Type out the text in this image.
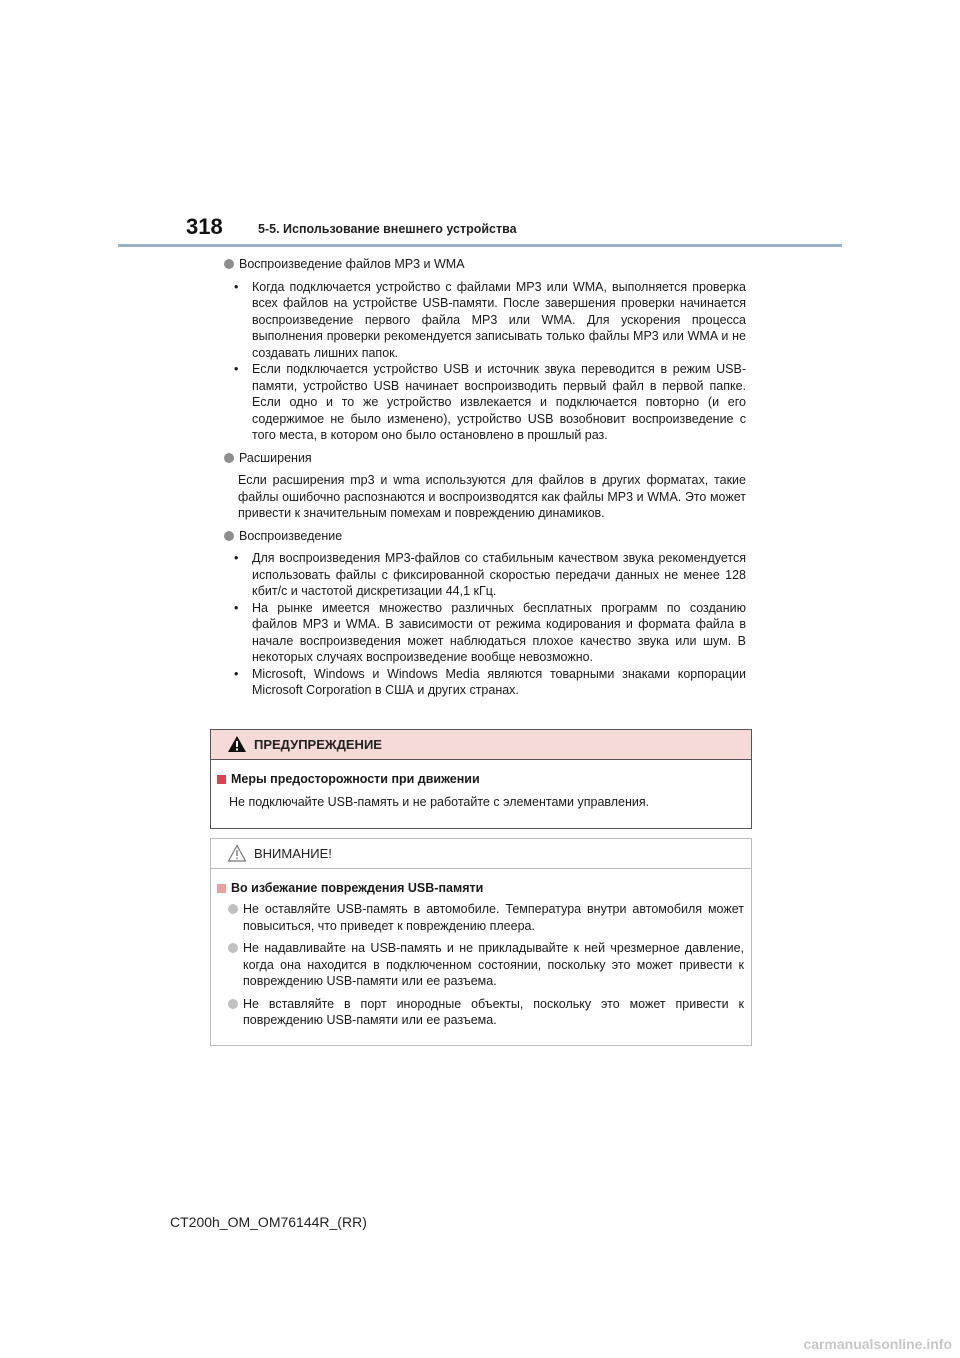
318	5-5. Использование внешнего устройства
Воспроизведение файлов MP3 и WMA
• Когда подключается устройство с файлами MP3 или WMA, выполняется проверка всех файлов на устройстве USB-памяти. После завершения проверки начинается воспроизведение первого файла MP3 или WMA. Для ускорения процесса выполнения проверки рекомендуется записывать только файлы MP3 или WMA и не создавать лишних папок.
• Если подключается устройство USB и источник звука переводится в режим USB-памяти, устройство USB начинает воспроизводить первый файл в первой папке. Если одно и то же устройство извлекается и подключается повторно (и его содержимое не было изменено), устройство USB возобновит воспроизведение с того места, в котором оно было остановлено в прошлый раз.
Расширения
Если расширения mp3 и wma используются для файлов в других форматах, такие файлы ошибочно распознаются и воспроизводятся как файлы MP3 и WMA. Это может привести к значительным помехам и повреждению динамиков.
Воспроизведение
• Для воспроизведения MP3-файлов со стабильным качеством звука рекомендуется использовать файлы с фиксированной скоростью передачи данных не менее 128 кбит/с и частотой дискретизации 44,1 кГц.
• На рынке имеется множество различных бесплатных программ по созданию файлов MP3 и WMA. В зависимости от режима кодирования и формата файла в начале воспроизведения может наблюдаться плохое качество звука или шум. В некоторых случаях воспроизведение вообще невозможно.
• Microsoft, Windows и Windows Media являются товарными знаками корпорации Microsoft Corporation в США и других странах.
ПРЕДУПРЕЖДЕНИЕ
Меры предосторожности при движении
Не подключайте USB-память и не работайте с элементами управления.
ВНИМАНИЕ!
Во избежание повреждения USB-памяти
Не оставляйте USB-память в автомобиле. Температура внутри автомобиля может повыситься, что приведет к повреждению плеера.
Не надавливайте на USB-память и не прикладывайте к ней чрезмерное давление, когда она находится в подключенном состоянии, поскольку это может привести к повреждению USB-памяти или ее разъема.
Не вставляйте в порт инородные объекты, поскольку это может привести к повреждению USB-памяти или ее разъема.
CT200h_OM_OM76144R_(RR)
carmanualsonline.info
